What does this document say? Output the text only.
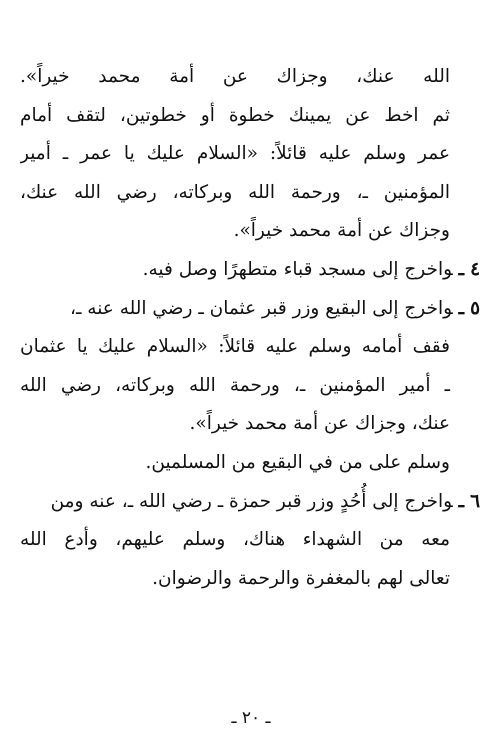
الله عنك، وجزاك عن أمة محمد خيراً».
ثم اخط عن يمينك خطوة أو خطوتين، لتقف أمام
عمر وسلم عليه قائلاً: «السلام عليك يا عمر ـ أمير
المؤمنين ـ، ورحمة الله وبركاته، رضي الله عنك،
وجزاك عن أمة محمد خيراً».
٤ـواخرج إلى مسجد قباء متطهرًا وصل فيه.
٥ـواخرج إلى البقيع وزر قبر عثمان ـ رضي الله عنه ـ،
فقف أمامه وسلم عليه قائلاً: «السلام عليك يا عثمان
ـ أمير المؤمنين ـ، ورحمة الله وبركاته، رضي الله
عنك، وجزاك عن أمة محمد خيراً».
وسلم على من في البقيع من المسلمين.
٦ـواخرج إلى أُحُدٍ وزر قبر حمزة ـ رضي الله ـ، عنه ومن
معه من الشهداء هناك، وسلم عليهم، وأدع الله
تعالى لهم بالمغفرة والرحمة والرضوان.
ـ ٢٠ ـ
